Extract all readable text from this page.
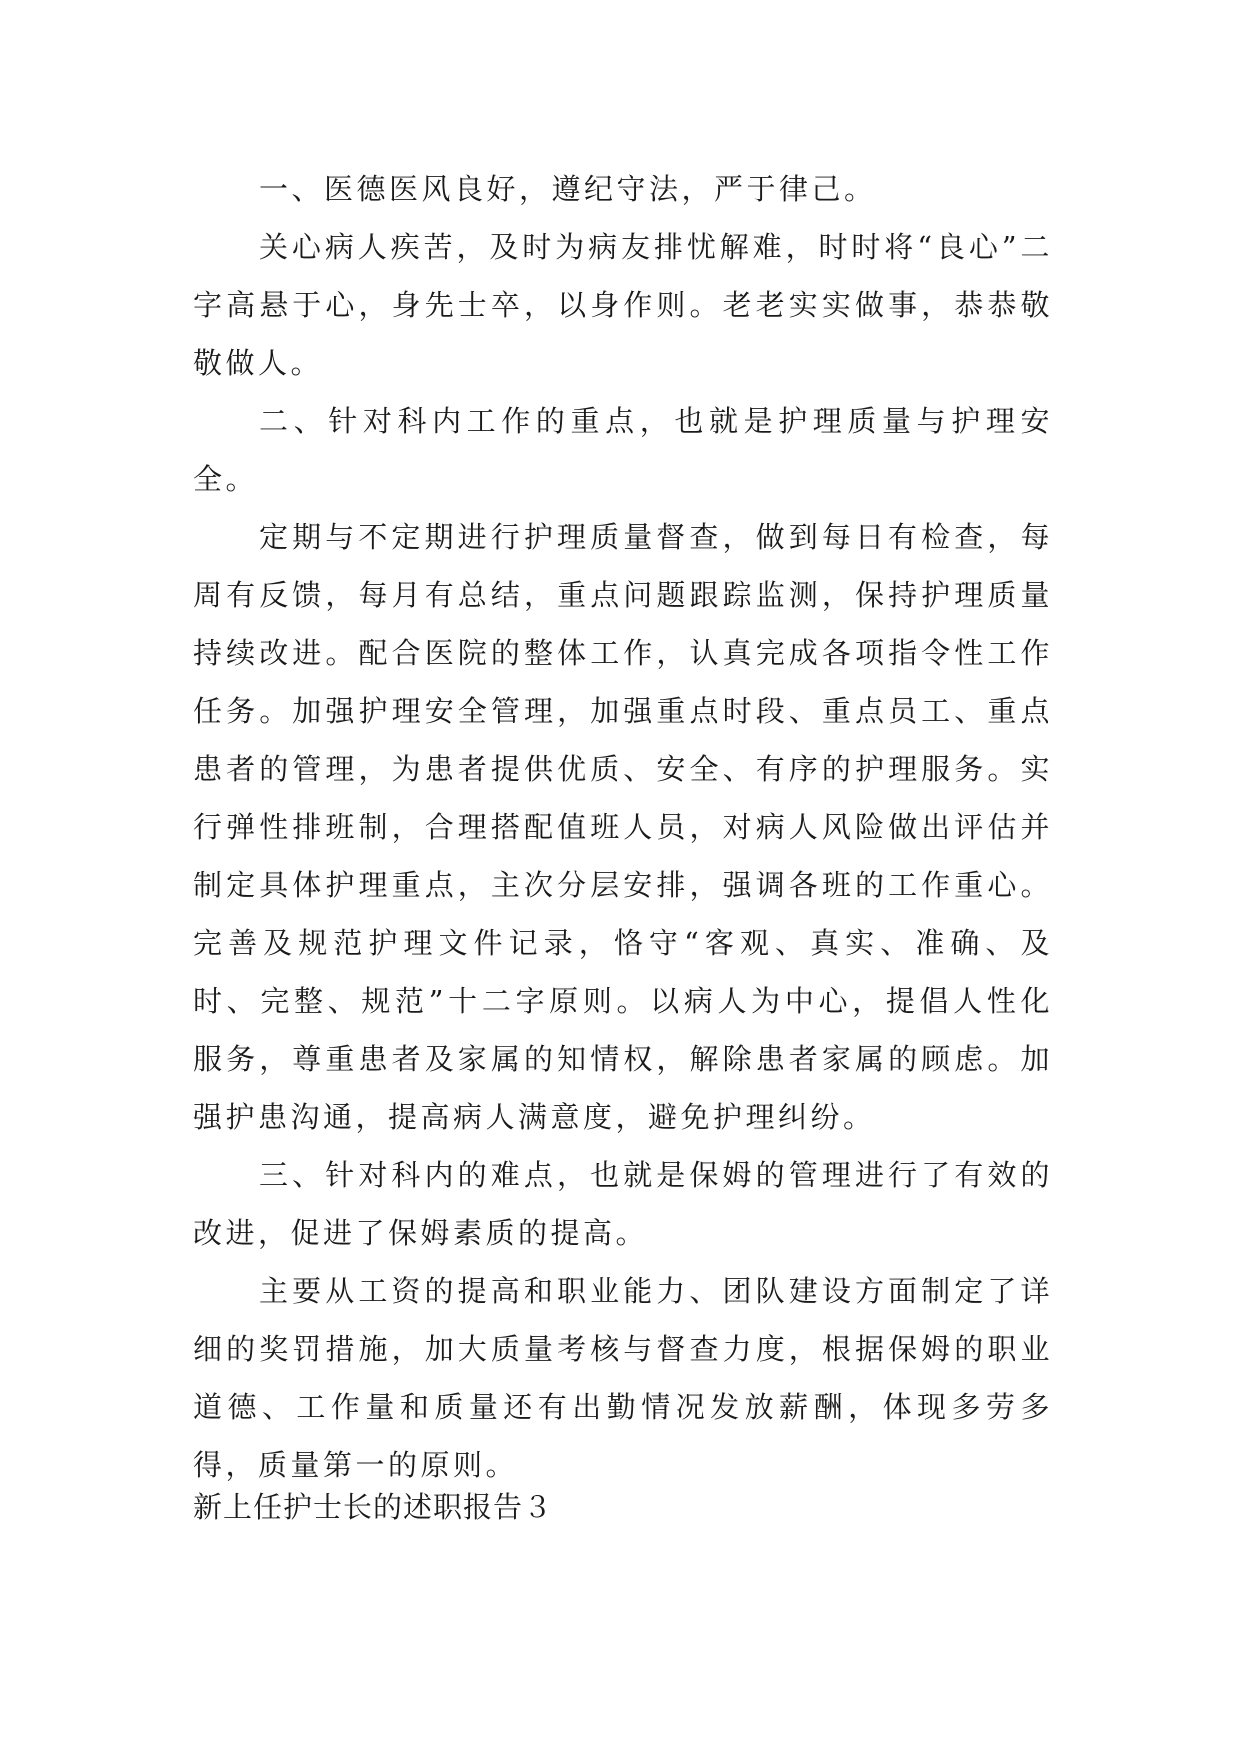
一、医德医风良好，遵纪守法，严于律己。

关心病人疾苦，及时为病友排忧解难，时时将“良心”二字高悬于心，身先士卒，以身作则。老老实实做事，恭恭敬敬做人。

二、针对科内工作的重点，也就是护理质量与护理安全。

定期与不定期进行护理质量督查，做到每日有检查，每周有反馈，每月有总结，重点问题跟踪监测，保持护理质量持续改进。配合医院的整体工作，认真完成各项指令性工作任务。加强护理安全管理，加强重点时段、重点员工、重点患者的管理，为患者提供优质、安全、有序的护理服务。实行弹性排班制，合理搭配值班人员，对病人风险做出评估并制定具体护理重点，主次分层安排，强调各班的工作重心。完善及规范护理文件记录，恪守“客观、真实、准确、及时、完整、规范”十二字原则。以病人为中心，提倡人性化服务，尊重患者及家属的知情权，解除患者家属的顾虑。加强护患沟通，提高病人满意度，避免护理纠纷。

三、针对科内的难点，也就是保姆的管理进行了有效的改进，促进了保姆素质的提高。

主要从工资的提高和职业能力、团队建设方面制定了详细的奖罚措施，加大质量考核与督查力度，根据保姆的职业道德、工作量和质量还有出勤情况发放薪酬，体现多劳多得，质量第一的原则。

新上任护士长的述职报告３
